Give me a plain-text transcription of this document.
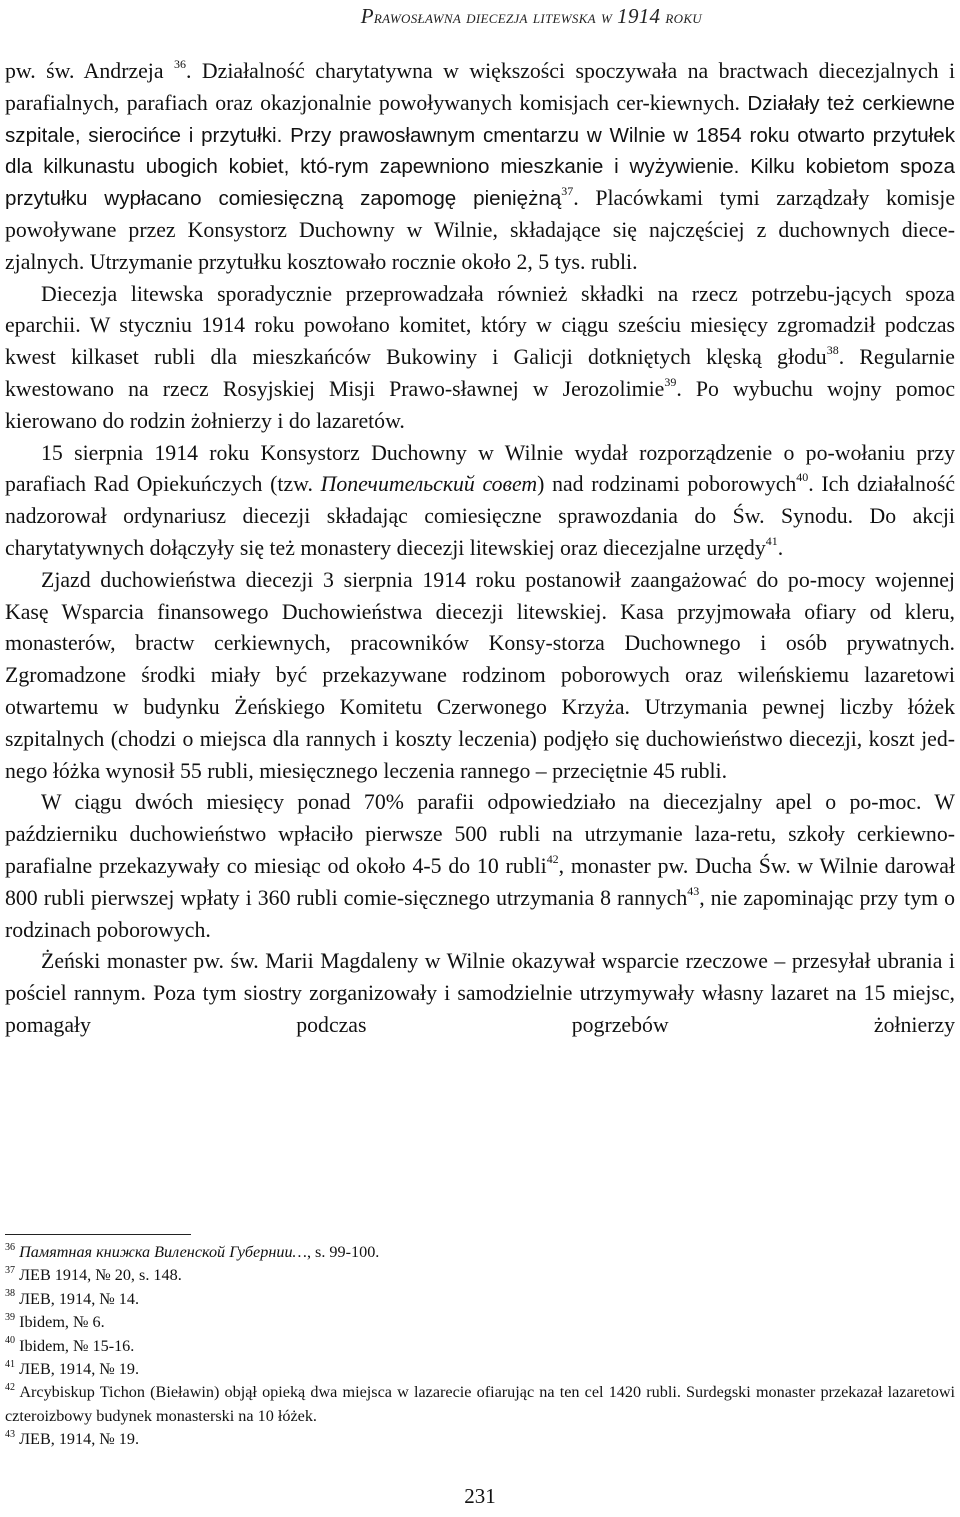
Prawosławna diecezja litewska w 1914 roku

pw. św. Andrzeja $^{36}$. Działalność charytatywna w większości spoczywała na bractwach diecezjalnych i parafialnych, parafiach oraz okazjonalnie powoływanych komisjach cer-kiewnych. Działały też cerkiewne szpitale, sierocińce i przytułki. Przy prawosławnym cmentarzu w Wilnie w 1854 roku otwarto przytułek dla kilkunastu ubogich kobiet, któ-rym zapewniono mieszkanie i wyżywienie. Kilku kobietom spoza przytułku wypłacano comiesięczną zapomogę pieniężną$^{37}$. Placówkami tymi zarządzały komisje powoływane przez Konsystorz Duchowny w Wilnie, składające się najczęściej z duchownych diece-zjalnych. Utrzymanie przytułku kosztowało rocznie około 2, 5 tys. rubli.

Diecezja litewska sporadycznie przeprowadzała również składki na rzecz potrzebu-jących spoza eparchii. W styczniu 1914 roku powołano komitet, który w ciągu sześciu miesięcy zgromadził podczas kwest kilkaset rubli dla mieszkańców Bukowiny i Galicji dotkniętych klęską głodu$^{38}$. Regularnie kwestowano na rzecz Rosyjskiej Misji Prawo-sławnej w Jerozolimie$^{39}$. Po wybuchu wojny pomoc kierowano do rodzin żołnierzy i do lazaretów.

15 sierpnia 1914 roku Konsystorz Duchowny w Wilnie wydał rozporządzenie o po-wołaniu przy parafiach Rad Opiekuńczych (tzw. Попечительский совет) nad rodzinami poborowych$^{40}$. Ich działalność nadzorował ordynariusz diecezji składając comiesięczne sprawozdania do Św. Synodu. Do akcji charytatywnych dołączyły się też monastery diecezji litewskiej oraz diecezjalne urzędy$^{41}$.

Zjazd duchowieństwa diecezji 3 sierpnia 1914 roku postanowił zaangażować do po-mocy wojennej Kasę Wsparcia finansowego Duchowieństwa diecezji litewskiej. Kasa przyjmowała ofiary od kleru, monasterów, bractw cerkiewnych, pracowników Konsy-storza Duchownego i osób prywatnych. Zgromadzone środki miały być przekazywane rodzinom poborowych oraz wileńskiemu lazaretowi otwartemu w budynku Żeńskiego Komitetu Czerwonego Krzyża. Utrzymania pewnej liczby łóżek szpitalnych (chodzi o miejsca dla rannych i koszty leczenia) podjęło się duchowieństwo diecezji, koszt jed-nego łóżka wynosił 55 rubli, miesięcznego leczenia rannego – przeciętnie 45 rubli.

W ciągu dwóch miesięcy ponad 70% parafii odpowiedziało na diecezjalny apel o po-moc. W październiku duchowieństwo wpłaciło pierwsze 500 rubli na utrzymanie laza-retu, szkoły cerkiewno-parafialne przekazywały co miesiąc od około 4-5 do 10 rubli$^{42}$, monaster pw. Ducha Św. w Wilnie darował 800 rubli pierwszej wpłaty i 360 rubli comie-sięcznego utrzymania 8 rannych$^{43}$, nie zapominając przy tym o rodzinach poborowych.

Żeński monaster pw. św. Marii Magdaleny w Wilnie okazywał wsparcie rzeczowe – przesyłał ubrania i pościel rannym. Poza tym siostry zorganizowały i samodzielnie utrzymywały własny lazaret na 15 miejsc, pomagały podczas pogrzebów żołnierzy

$^{36}$ Памятная книжка Виленской Губернии…, s. 99-100.

$^{37}$ ЛЕВ 1914, № 20, s. 148.

$^{38}$ ЛЕВ, 1914, № 14.

$^{39}$ Ibidem, № 6.

$^{40}$ Ibidem, № 15-16.

$^{41}$ ЛЕВ, 1914, № 19.

$^{42}$ Arcybiskup Tichon (Bieławin) objął opieką dwa miejsca w lazarecie ofiarując na ten cel 1420 rubli. Surdegski monaster przekazał lazaretowi czteroizbowy budynek monasterski na 10 łóżek.

$^{43}$ ЛЕВ, 1914, № 19.

231
